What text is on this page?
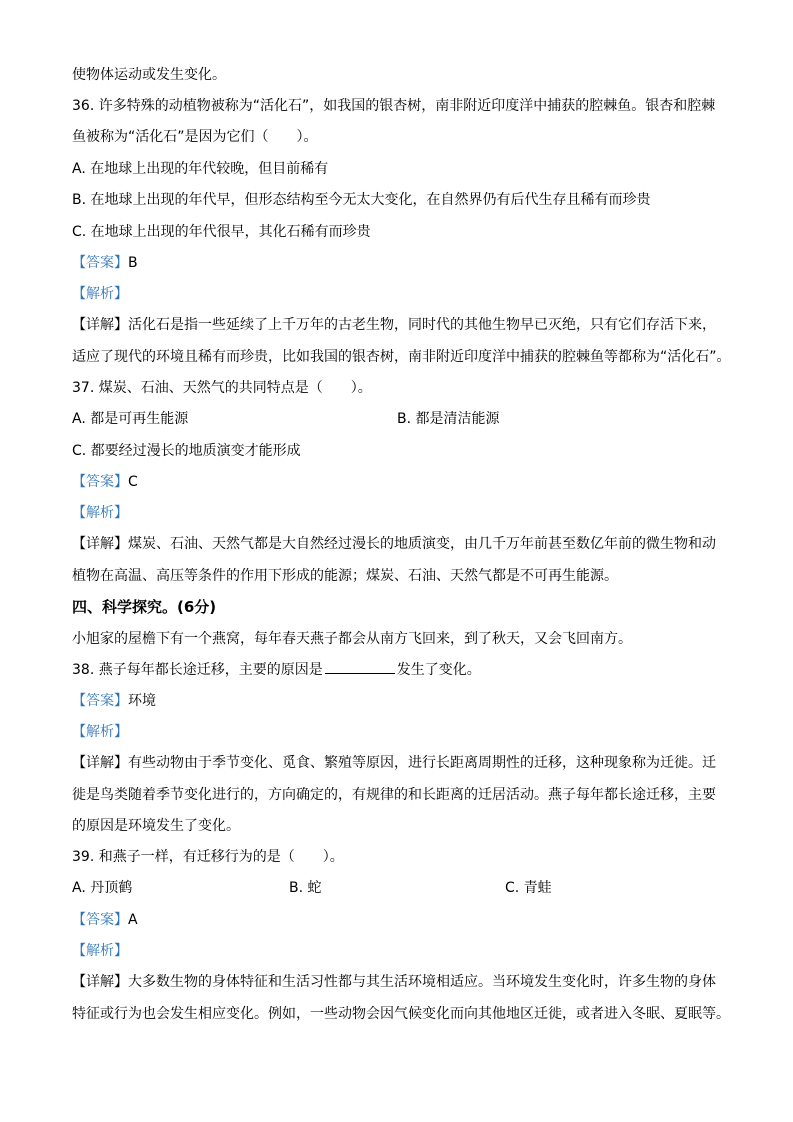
使物体运动或发生变化。
36. 许多特殊的动植物被称为“活化石”，如我国的银杏树，南非附近印度洋中捕获的腔棘鱼。银杏和腔棘
鱼被称为“活化石”是因为它们（　　）。
A. 在地球上出现的年代较晚，但目前稀有
B. 在地球上出现的年代早，但形态结构至今无太大变化，在自然界仍有后代生存且稀有而珍贵
C. 在地球上出现的年代很早，其化石稀有而珍贵
【答案】B
【解析】
【详解】活化石是指一些延续了上千万年的古老生物，同时代的其他生物早已灭绝，只有它们存活下来，
适应了现代的环境且稀有而珍贵，比如我国的银杏树，南非附近印度洋中捕获的腔棘鱼等都称为“活化石”。
37. 煤炭、石油、天然气的共同特点是（　　）。
A. 都是可再生能源	B. 都是清洁能源
C. 都要经过漫长的地质演变才能形成
【答案】C
【解析】
【详解】煤炭、石油、天然气都是大自然经过漫长的地质演变，由几千万年前甚至数亿年前的微生物和动
植物在高温、高压等条件的作用下形成的能源；煤炭、石油、天然气都是不可再生能源。
四、科学探究。(6分)
小旭家的屋檐下有一个燕窝，每年春天燕子都会从南方飞回来，到了秋天，又会飞回南方。
38. 燕子每年都长途迁移，主要的原因是	发生了变化。
【答案】环境
【解析】
【详解】有些动物由于季节变化、觅食、繁殖等原因，进行长距离周期性的迁移，这种现象称为迁徙。迁
徙是鸟类随着季节变化进行的，方向确定的，有规律的和长距离的迁居活动。燕子每年都长途迁移，主要
的原因是环境发生了变化。
39. 和燕子一样，有迁移行为的是（　　）。
A. 丹顶鹤	B. 蛇	C. 青蛙
【答案】A
【解析】
【详解】大多数生物的身体特征和生活习性都与其生活环境相适应。当环境发生变化时，许多生物的身体
特征或行为也会发生相应变化。例如，一些动物会因气候变化而向其他地区迁徙，或者进入冬眠、夏眠等。
